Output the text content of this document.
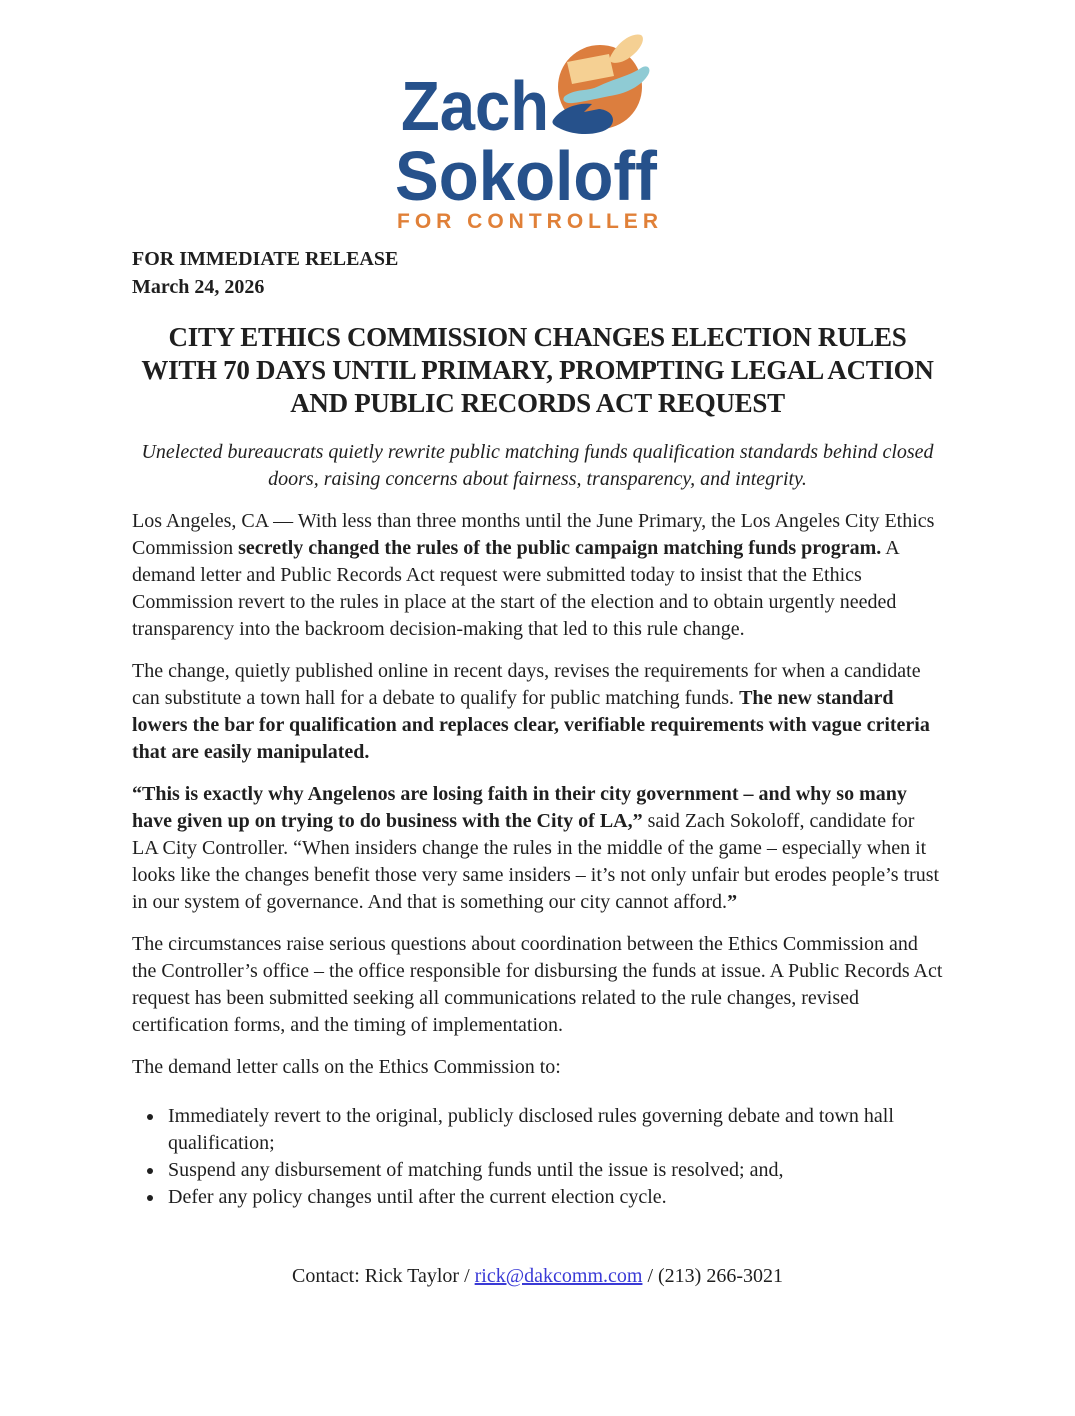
Zach
Sokoloff
FOR CONTROLLER
FOR IMMEDIATE RELEASE
March 24, 2026
CITY ETHICS COMMISSION CHANGES ELECTION RULES WITH 70 DAYS UNTIL PRIMARY, PROMPTING LEGAL ACTION AND PUBLIC RECORDS ACT REQUEST

Unelected bureaucrats quietly rewrite public matching funds qualification standards behind closed doors, raising concerns about fairness, transparency, and integrity.

Los Angeles, CA — With less than three months until the June Primary, the Los Angeles City Ethics Commission secretly changed the rules of the public campaign matching funds program. A demand letter and Public Records Act request were submitted today to insist that the Ethics Commission revert to the rules in place at the start of the election and to obtain urgently needed transparency into the backroom decision-making that led to this rule change.

The change, quietly published online in recent days, revises the requirements for when a candidate can substitute a town hall for a debate to qualify for public matching funds. The new standard lowers the bar for qualification and replaces clear, verifiable requirements with vague criteria that are easily manipulated.

“This is exactly why Angelenos are losing faith in their city government – and why so many have given up on trying to do business with the City of LA,” said Zach Sokoloff, candidate for LA City Controller. “When insiders change the rules in the middle of the game – especially when it looks like the changes benefit those very same insiders – it’s not only unfair but erodes people’s trust in our system of governance. And that is something our city cannot afford.”

The circumstances raise serious questions about coordination between the Ethics Commission and the Controller’s office – the office responsible for disbursing the funds at issue. A Public Records Act request has been submitted seeking all communications related to the rule changes, revised certification forms, and the timing of implementation.

The demand letter calls on the Ethics Commission to:

• Immediately revert to the original, publicly disclosed rules governing debate and town hall qualification;
• Suspend any disbursement of matching funds until the issue is resolved; and,
• Defer any policy changes until after the current election cycle.
Contact: Rick Taylor / rick@dakcomm.com / (213) 266-3021
